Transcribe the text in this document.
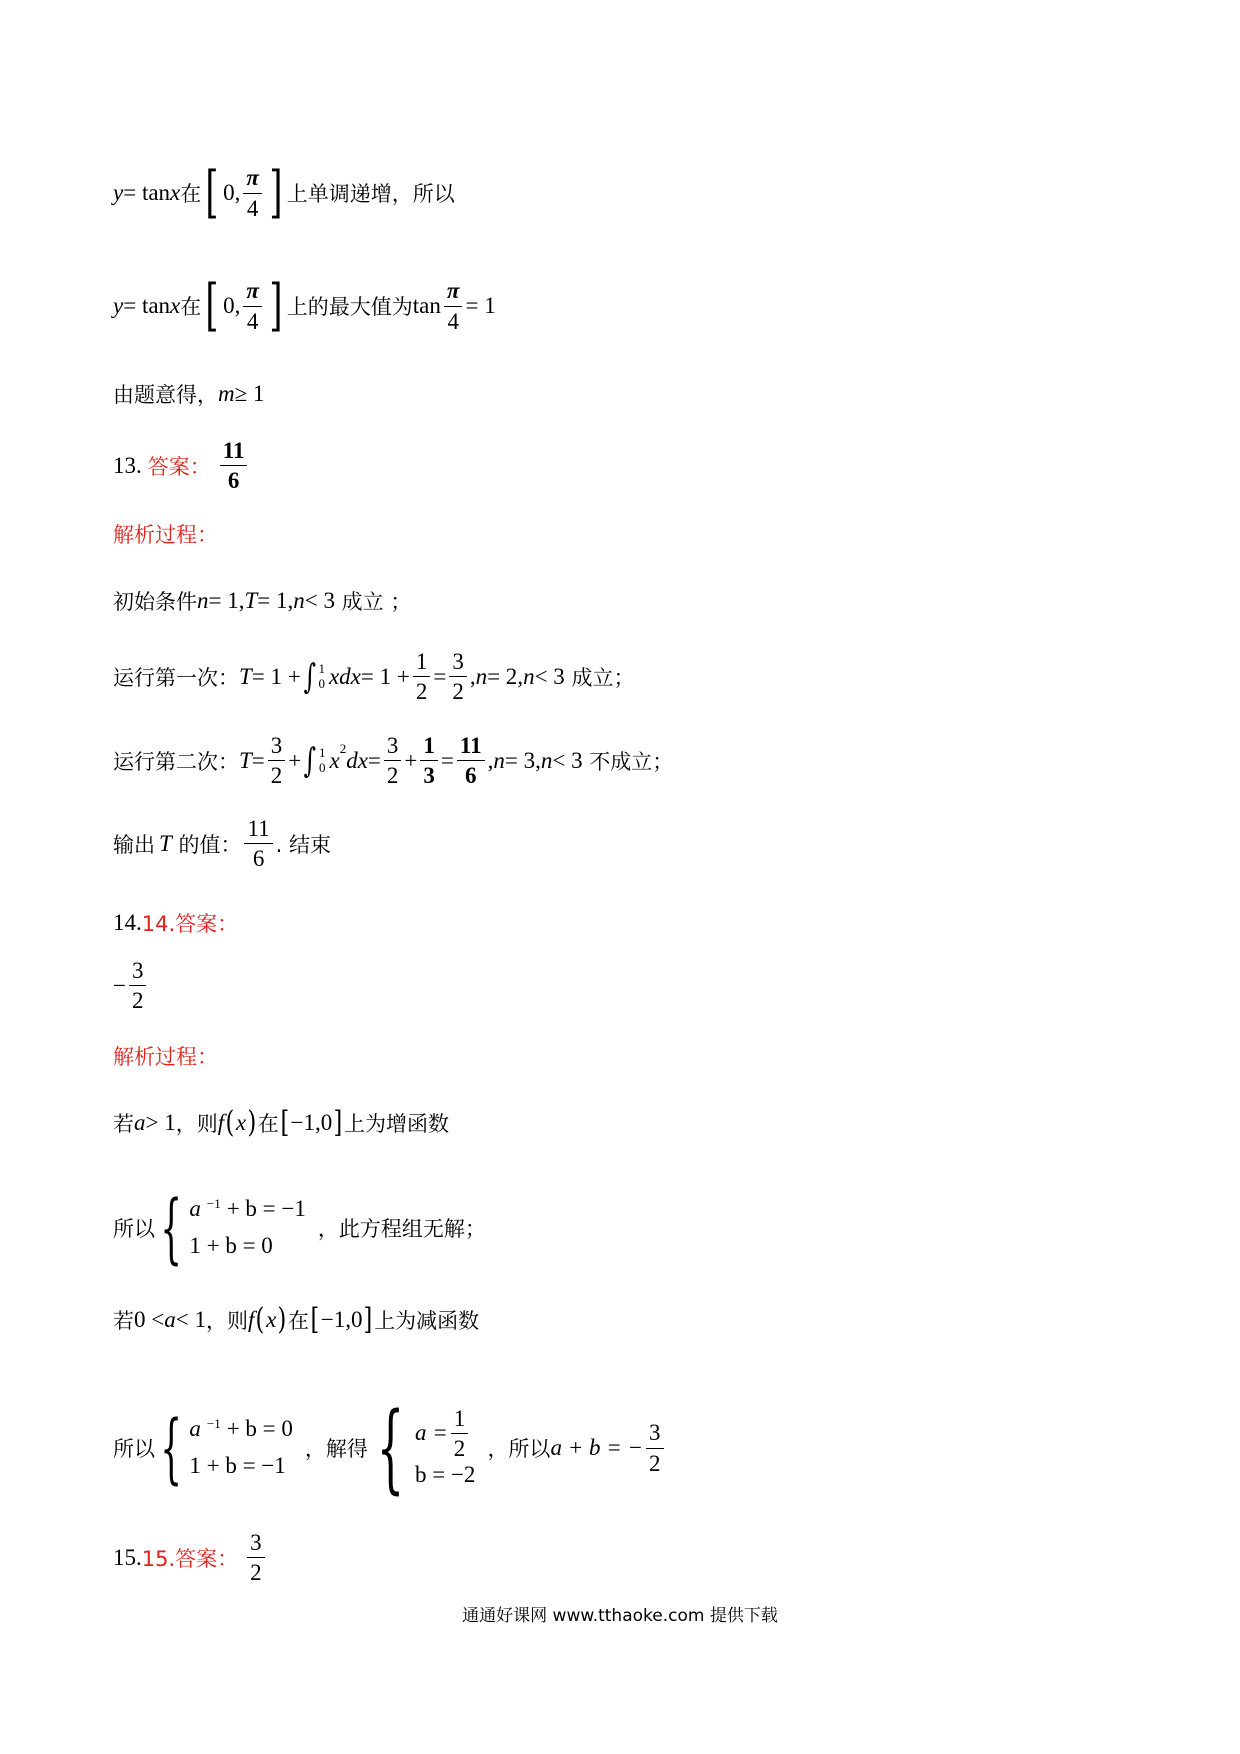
y = tan x 在 [ 0, $\frac{\pi}{4}$ ] 上单调递增，所以
y = tan x 在 [ 0, $\frac{\pi}{4}$ ] 上的最大值为 $\tan \frac{\pi}{4} = 1$
由题意得， m ≥ 1
13. 答案： $\frac{11}{6}$
解析过程：
初始条件 n = 1, T = 1, n < 3 成立 ；
运行第一次： T = 1 + ∫ 1
0 xdx = $1 + \frac{1}{2} = \frac{3}{2}$ , n = 2, n < 3 成立；
运行第二次： $T = \frac{3}{2}$ + ∫ 1
0 x 2 dx = $\frac{3}{2} + \frac{1}{3} = \frac{11}{6}$ , n = 3, n < 3 不成立；
输出 T 的值： $\frac{11}{6}$ . 结束
14. 14.答案：
− $\frac{3}{2}$
解析过程：
若 a > 1 ，则 f ( x ) 在 [ −1,0 ] 上为增函数
所以 { a $^{-1}$ + b = −1
1 + b = 0
，此方程组无解；
若 0 < a < 1 ，则 f ( x ) 在 [ −1,0 ] 上为减函数
所以 { a $^{-1}$ + b = 0
1 + b = −1
，解得 { $a = \frac{1}{2}$
b = −2
，所以 a + b = − $\frac{3}{2}$
15. 15.答案： $\frac{3}{2}$
通通好课网 www.tthaoke.com 提供下载
